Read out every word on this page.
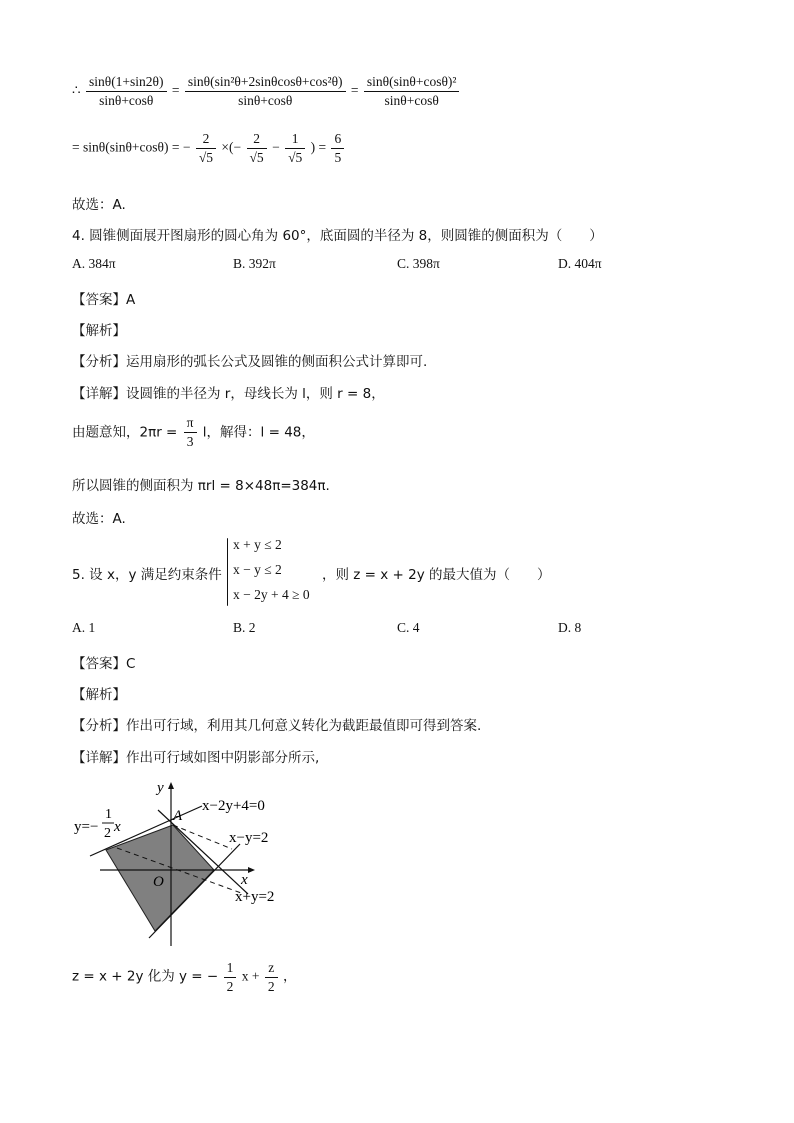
∴ $\frac{\sin\theta(1+\sin 2\theta)}{\sin\theta+\cos\theta} = \frac{\text{sinθ(sin²θ+2sinθcosθ+cos²θ)}}{\sin\theta+\cos\theta} = \frac{\text{sinθ(sinθ+cosθ)²}}{\sin\theta+\cos\theta}$
= sinθ(sinθ+cosθ) = − $\frac{2}{√5}$ ×(− $\frac{2}{√5} - \frac{1}{√5}$ ) = $\frac{6}{5}$
故选：A.
4. 圆锥侧面展开图扇形的圆心角为 60°，底面圆的半径为 8，则圆锥的侧面积为（　　）
A. 384π	B. 392π	C. 398π	D. 404π
【答案】A
【解析】
【分析】运用扇形的弧长公式及圆锥的侧面积公式计算即可.
【详解】设圆锥的半径为 r，母线长为 l，则 r = 8，
由题意知，$2\pi r = \frac{\pi}{3}$ l，解得：l = 48，
所以圆锥的侧面积为 πrl = 8×48π=384π.
故选：A.
5. 设 x，y 满足约束条件
x + y ≤ 2
x − y ≤ 2
x − 2y + 4 ≥ 0
，则 z = x + 2y 的最大值为（　　）
A. 1	B. 2	C. 4	D. 8
【答案】C
【解析】
【分析】作出可行域，利用其几何意义转化为截距最值即可得到答案.
【详解】作出可行域如图中阴影部分所示,
y
x
O
A
x−2y+4=0
x−y=2
x+y=2
y=−
1
2 x
z = x + 2y 化为 y = − $\frac{1}{2}$ $x + \frac{z}{2}$ ，
